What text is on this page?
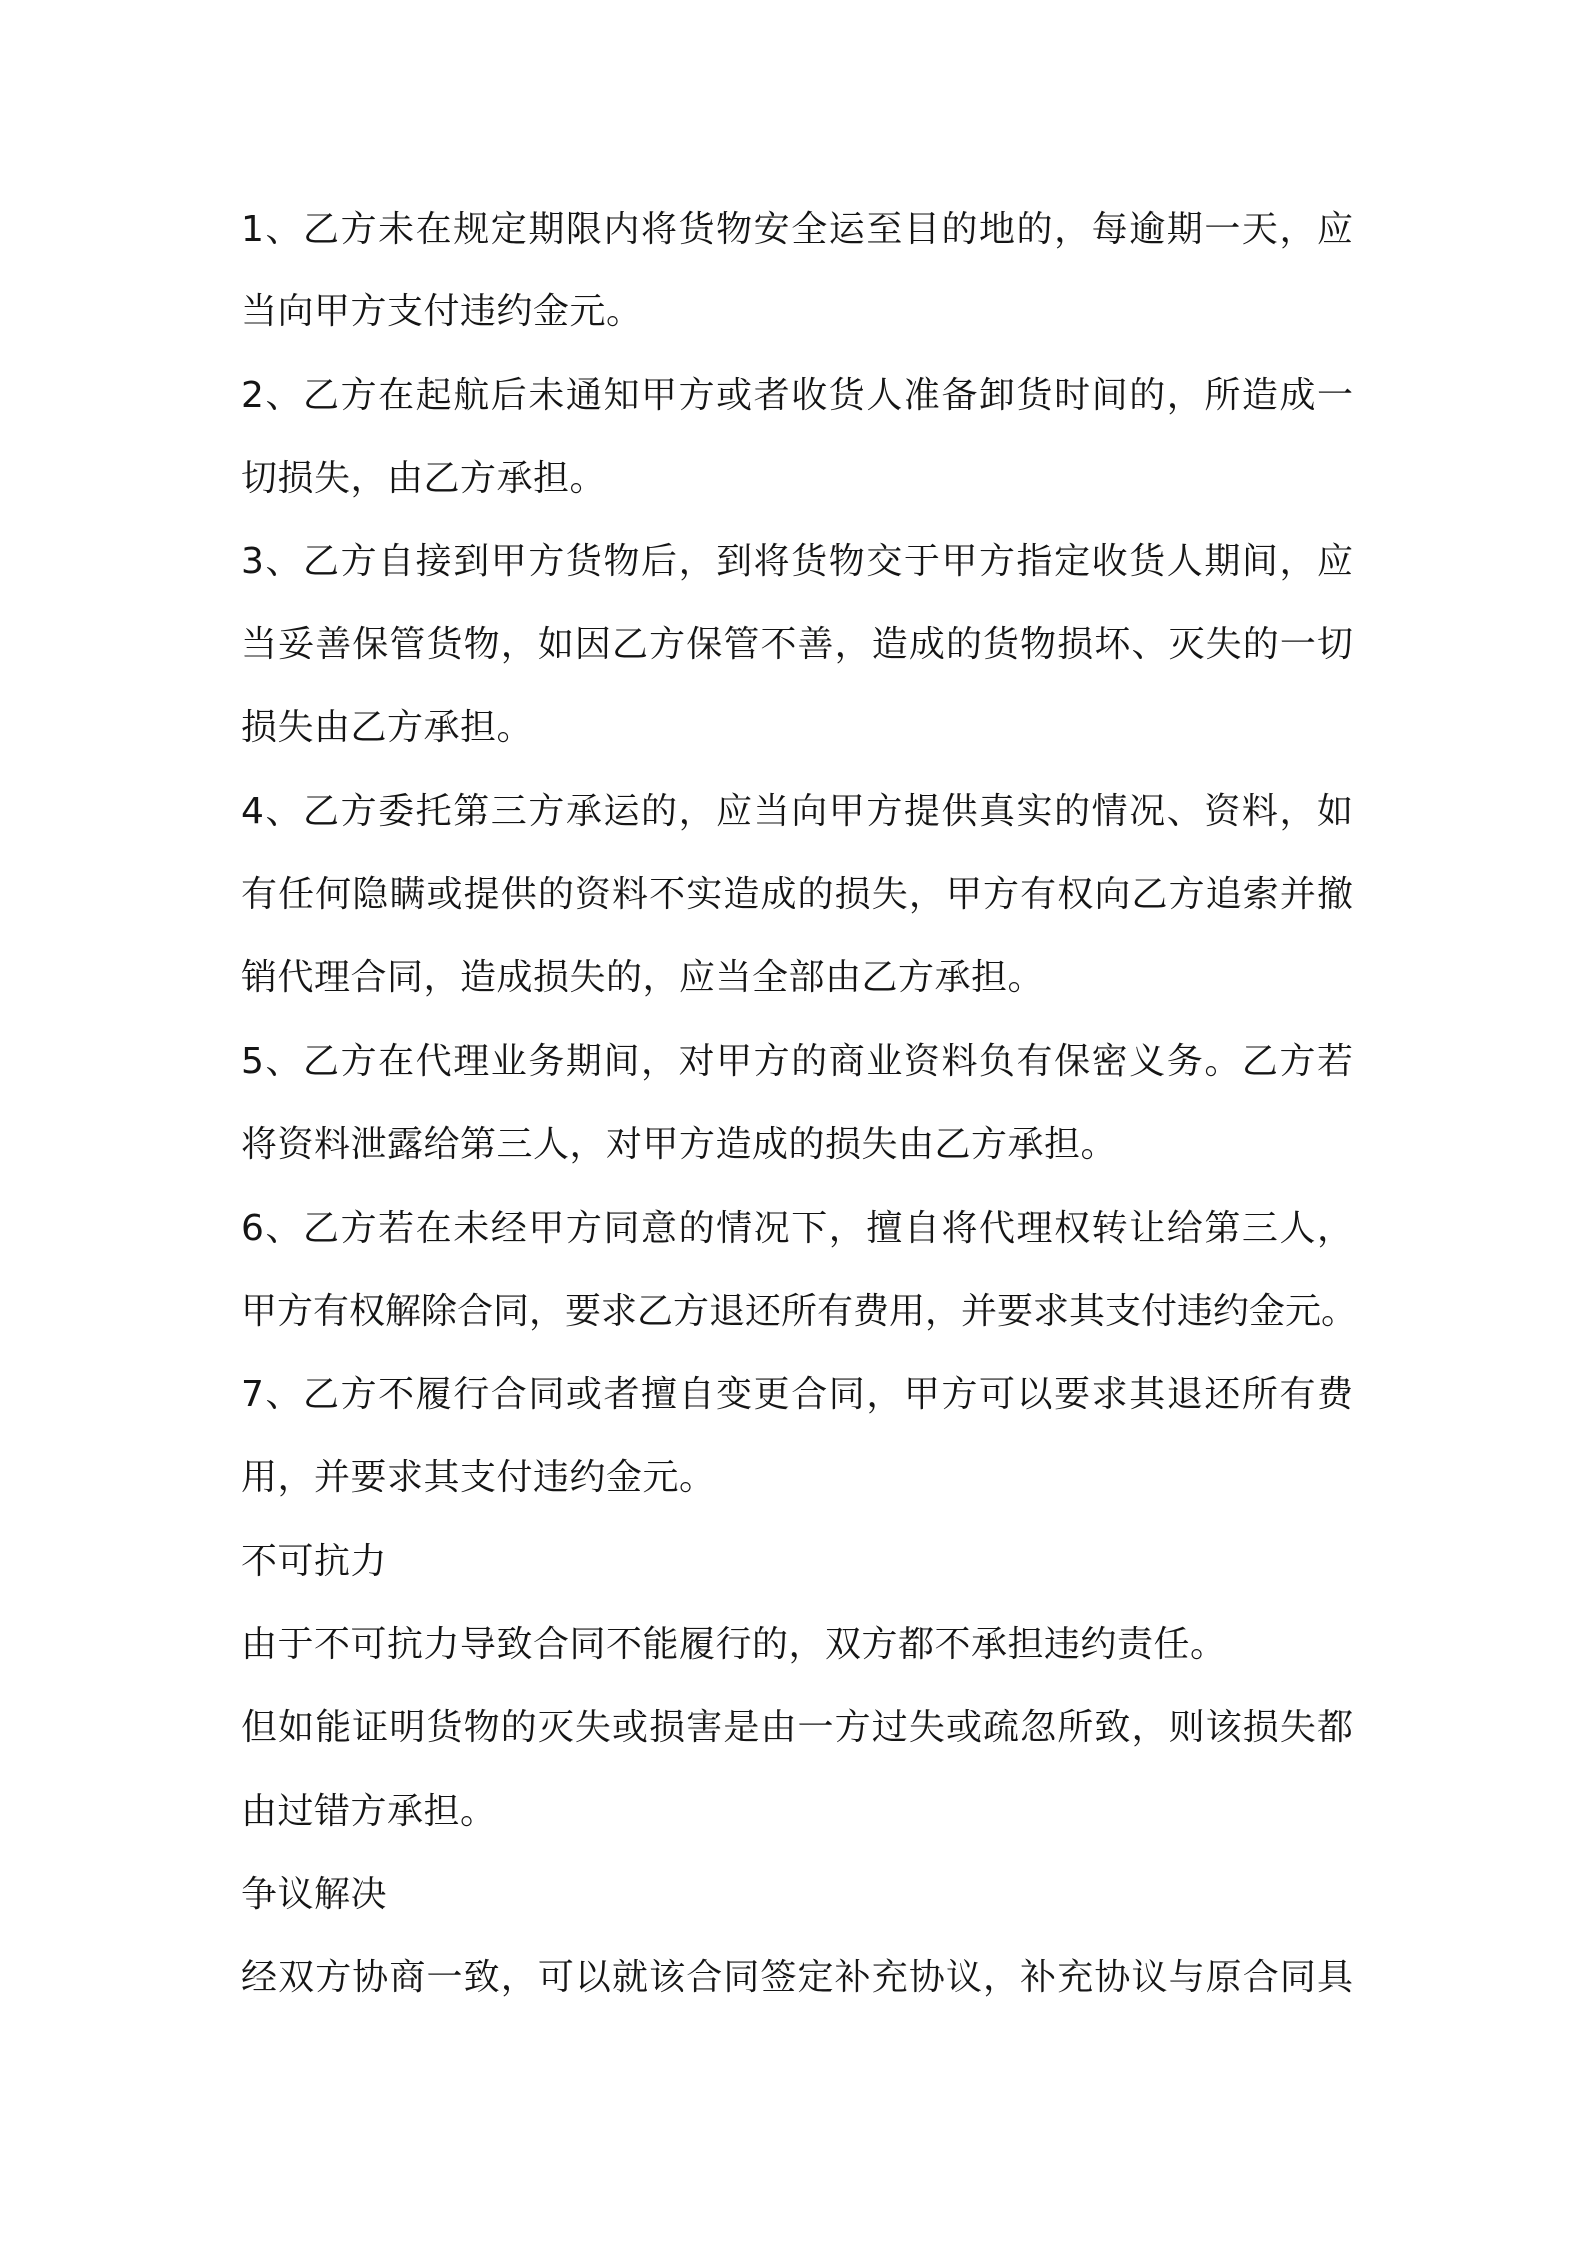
1、乙方未在规定期限内将货物安全运至目的地的，每逾期一天，应
当向甲方支付违约金元。
2、乙方在起航后未通知甲方或者收货人准备卸货时间的，所造成一
切损失，由乙方承担。
3、乙方自接到甲方货物后，到将货物交于甲方指定收货人期间，应
当妥善保管货物，如因乙方保管不善，造成的货物损坏、灭失的一切
损失由乙方承担。
4、乙方委托第三方承运的，应当向甲方提供真实的情况、资料，如
有任何隐瞒或提供的资料不实造成的损失，甲方有权向乙方追索并撤
销代理合同，造成损失的，应当全部由乙方承担。
5、乙方在代理业务期间，对甲方的商业资料负有保密义务。乙方若
将资料泄露给第三人，对甲方造成的损失由乙方承担。
6、乙方若在未经甲方同意的情况下，擅自将代理权转让给第三人，
甲方有权解除合同，要求乙方退还所有费用，并要求其支付违约金元。
7、乙方不履行合同或者擅自变更合同，甲方可以要求其退还所有费
用，并要求其支付违约金元。
不可抗力
由于不可抗力导致合同不能履行的，双方都不承担违约责任。
但如能证明货物的灭失或损害是由一方过失或疏忽所致，则该损失都
由过错方承担。
争议解决
经双方协商一致，可以就该合同签定补充协议，补充协议与原合同具
